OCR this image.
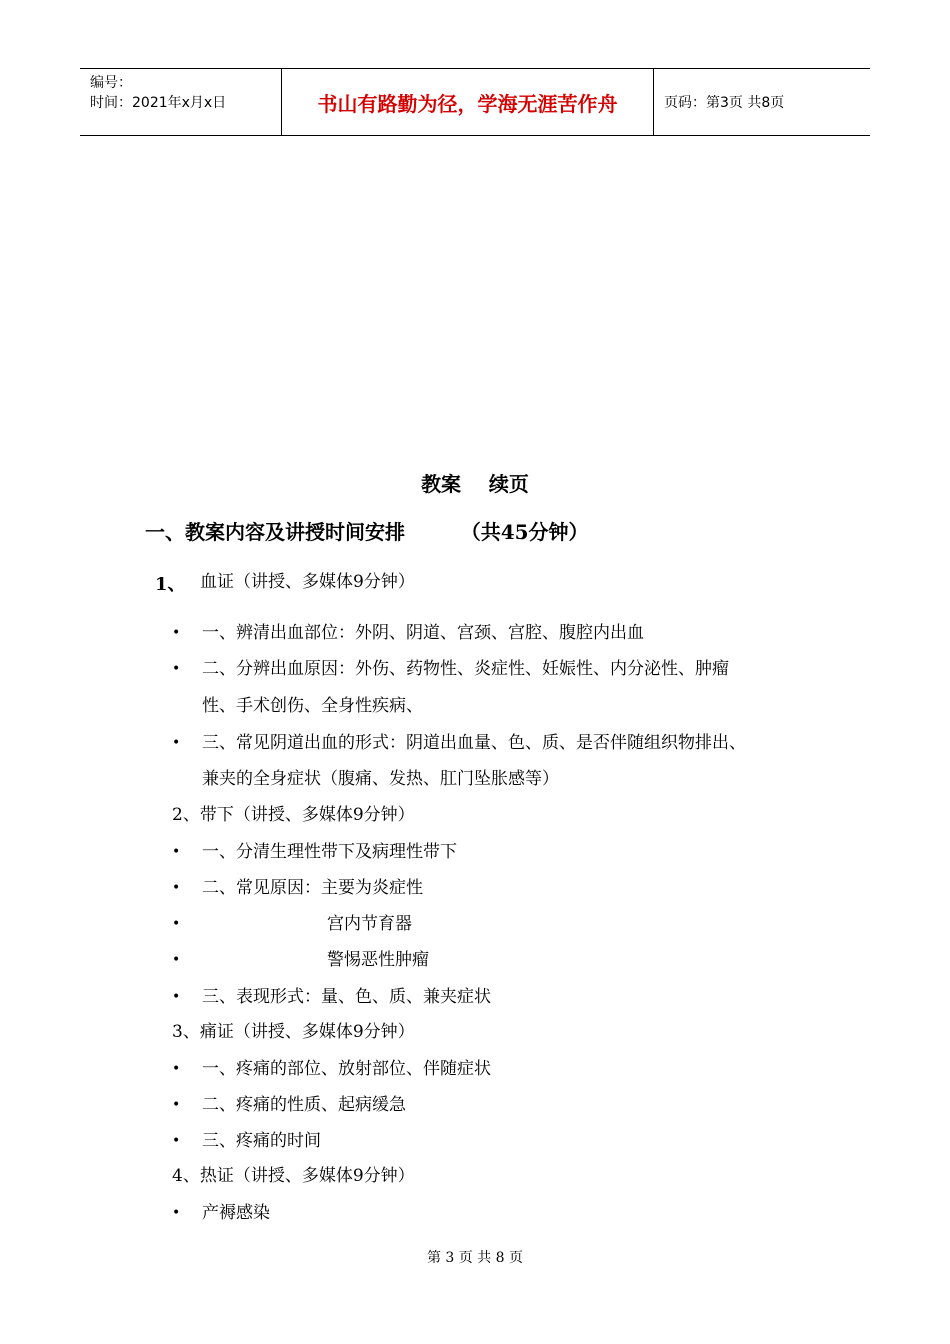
编号：
时间：2021年x月x日	书山有路勤为径，学海无涯苦作舟	页码：第3页 共8页
教案    续页
一、教案内容及讲授时间安排        （共45分钟）
1、 血证（讲授、多媒体9分钟）
• 一、辨清出血部位：外阴、阴道、宫颈、宫腔、腹腔内出血
• 二、分辨出血原因：外伤、药物性、炎症性、妊娠性、内分泌性、肿瘤
性、手术创伤、全身性疾病、
• 三、常见阴道出血的形式：阴道出血量、色、质、是否伴随组织物排出、
兼夹的全身症状（腹痛、发热、肛门坠胀感等）
2、带下（讲授、多媒体9分钟）
• 一、分清生理性带下及病理性带下
• 二、常见原因：主要为炎症性
•	宫内节育器
•	警惕恶性肿瘤
• 三、表现形式：量、色、质、兼夹症状
3、痛证（讲授、多媒体9分钟）
• 一、疼痛的部位、放射部位、伴随症状
• 二、疼痛的性质、起病缓急
• 三、疼痛的时间
4、热证（讲授、多媒体9分钟）
• 产褥感染
第 3 页 共 8 页
